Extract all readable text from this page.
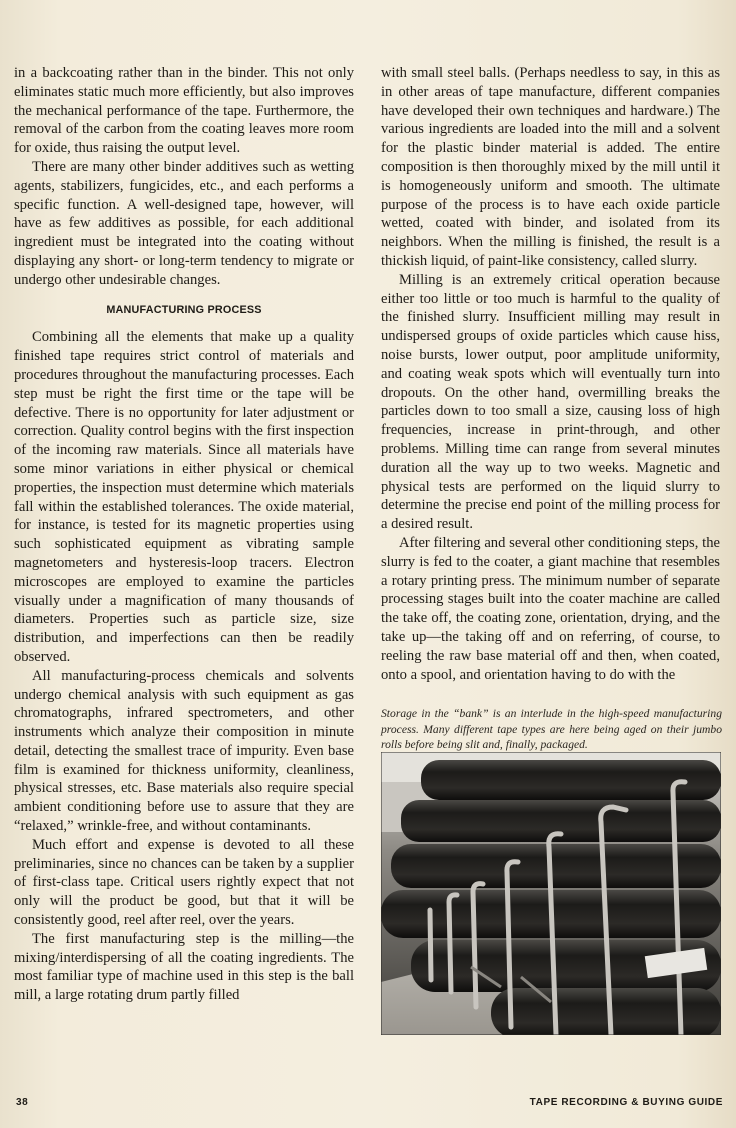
in a backcoating rather than in the binder. This not only eliminates static much more efficiently, but also improves the mechanical performance of the tape. Furthermore, the removal of the carbon from the coating leaves more room for oxide, thus raising the output level.

There are many other binder additives such as wetting agents, stabilizers, fungicides, etc., and each performs a specific function. A well-designed tape, however, will have as few additives as possible, for each additional ingredient must be integrated into the coating without displaying any short- or long-term tendency to migrate or undergo other undesirable changes.

MANUFACTURING PROCESS

Combining all the elements that make up a quality finished tape requires strict control of materials and procedures throughout the manufacturing processes. Each step must be right the first time or the tape will be defective. There is no opportunity for later adjustment or correction. Quality control begins with the first inspection of the incoming raw materials. Since all materials have some minor variations in either physical or chemical properties, the inspection must determine which materials fall within the established tolerances. The oxide material, for instance, is tested for its magnetic properties using such sophisticated equipment as vibrating sample magnetometers and hysteresis-loop tracers. Electron microscopes are employed to examine the particles visually under a magnification of many thousands of diameters. Properties such as particle size, size distribution, and imperfections can then be readily observed.

All manufacturing-process chemicals and solvents undergo chemical analysis with such equipment as gas chromatographs, infrared spectrometers, and other instruments which analyze their composition in minute detail, detecting the smallest trace of impurity. Even base film is examined for thickness uniformity, cleanliness, physical stresses, etc. Base materials also require special ambient conditioning before use to assure that they are “relaxed,” wrinkle-free, and without contaminants.

Much effort and expense is devoted to all these preliminaries, since no chances can be taken by a supplier of first-class tape. Critical users rightly expect that not only will the product be good, but that it will be consistently good, reel after reel, over the years.

The first manufacturing step is the milling—the mixing/interdispersing of all the coating ingredients. The most familiar type of machine used in this step is the ball mill, a large rotating drum partly filled

with small steel balls. (Perhaps needless to say, in this as in other areas of tape manufacture, different companies have developed their own techniques and hardware.) The various ingredients are loaded into the mill and a solvent for the plastic binder material is added. The entire composition is then thoroughly mixed by the mill until it is homogeneously uniform and smooth. The ultimate purpose of the process is to have each oxide particle wetted, coated with binder, and isolated from its neighbors. When the milling is finished, the result is a thickish liquid, of paint-like consistency, called slurry.

Milling is an extremely critical operation because either too little or too much is harmful to the quality of the finished slurry. Insufficient milling may result in undispersed groups of oxide particles which cause hiss, noise bursts, lower output, poor amplitude uniformity, and coating weak spots which will eventually turn into dropouts. On the other hand, overmilling breaks the particles down to too small a size, causing loss of high frequencies, increase in print-through, and other problems. Milling time can range from several minutes duration all the way up to two weeks. Magnetic and physical tests are performed on the liquid slurry to determine the precise end point of the milling process for a desired result.

After filtering and several other conditioning steps, the slurry is fed to the coater, a giant machine that resembles a rotary printing press. The minimum number of separate processing stages built into the coater machine are called the take off, the coating zone, orientation, drying, and the take up—the taking off and on referring, of course, to reeling the raw base material off and then, when coated, onto a spool, and orientation having to do with the

Storage in the “bank” is an interlude in the high-speed manufacturing process. Many different tape types are here being aged on their jumbo rolls before being slit and, finally, packaged.
38	TAPE RECORDING & BUYING GUIDE
